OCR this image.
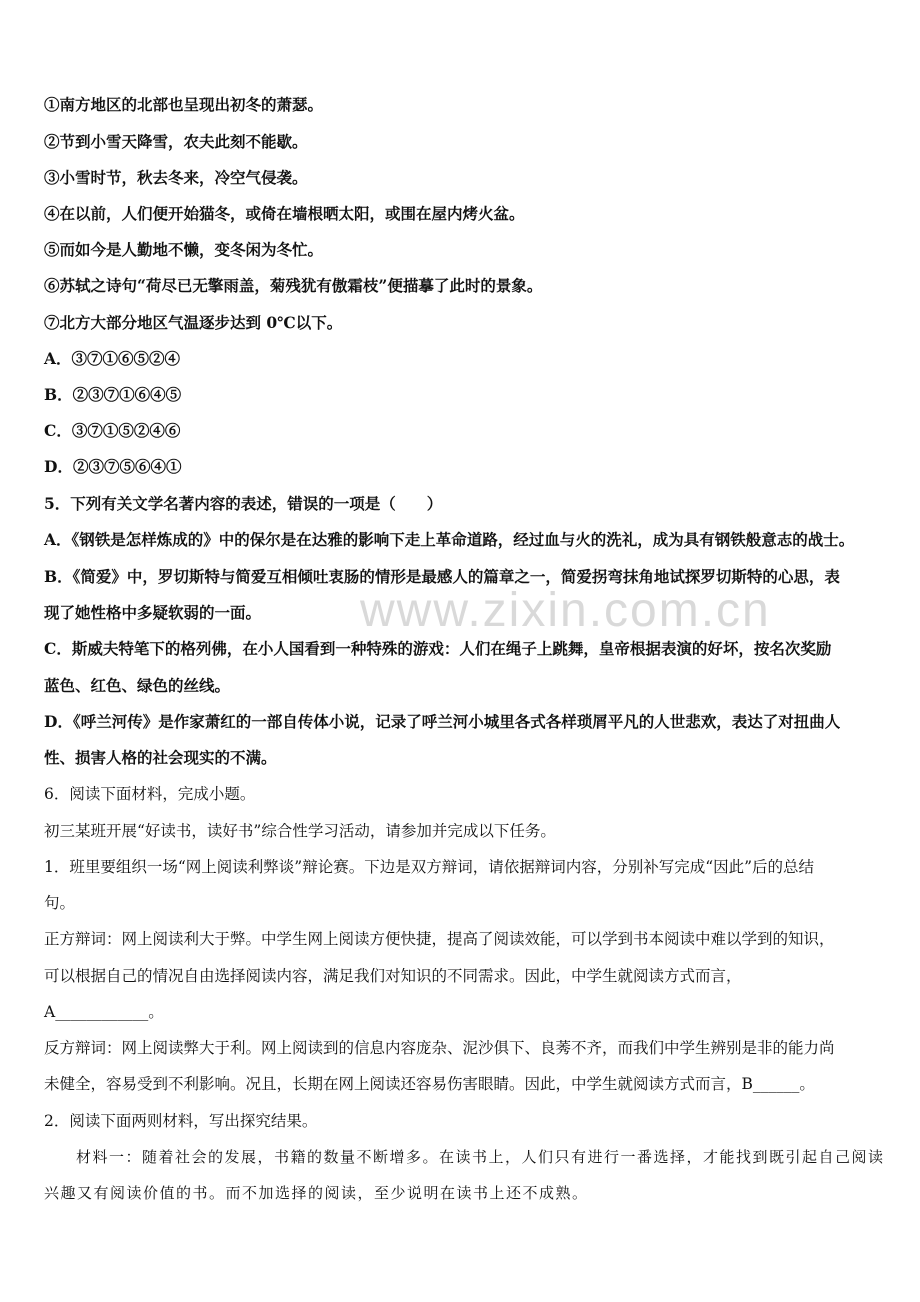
www.zixin.com.cn
①南方地区的北部也呈现出初冬的萧瑟。
②节到小雪天降雪，农夫此刻不能歇。
③小雪时节，秋去冬来，冷空气侵袭。
④在以前，人们便开始猫冬，或倚在墙根晒太阳，或围在屋内烤火盆。
⑤而如今是人勤地不懒，变冬闲为冬忙。
⑥苏轼之诗句“荷尽已无擎雨盖，菊残犹有傲霜枝”便描摹了此时的景象。
⑦北方大部分地区气温逐步达到 0℃以下。
A．③⑦①⑥⑤②④
B．②③⑦①⑥④⑤
C．③⑦①⑤②④⑥
D．②③⑦⑤⑥④①
5．下列有关文学名著内容的表述，错误的一项是（　　）
A．《钢铁是怎样炼成的》中的保尔是在达雅的影响下走上革命道路，经过血与火的洗礼，成为具有钢铁般意志的战士。
B．《简爱》中，罗切斯特与简爱互相倾吐衷肠的情形是最感人的篇章之一，简爱拐弯抹角地试探罗切斯特的心思，表
现了她性格中多疑软弱的一面。
C．斯威夫特笔下的格列佛，在小人国看到一种特殊的游戏：人们在绳子上跳舞，皇帝根据表演的好坏，按名次奖励
蓝色、红色、绿色的丝线。
D．《呼兰河传》是作家萧红的一部自传体小说，记录了呼兰河小城里各式各样琐屑平凡的人世悲欢，表达了对扭曲人
性、损害人格的社会现实的不满。
6．阅读下面材料，完成小题。
初三某班开展“好读书，读好书”综合性学习活动，请参加并完成以下任务。
1．班里要组织一场“网上阅读利弊谈”辩论赛。下边是双方辩词，请依据辩词内容，分别补写完成“因此”后的总结
句。
正方辩词：网上阅读利大于弊。中学生网上阅读方便快捷，提高了阅读效能，可以学到书本阅读中难以学到的知识，
可以根据自己的情况自由选择阅读内容，满足我们对知识的不同需求。因此，中学生就阅读方式而言，
A____________。
反方辩词：网上阅读弊大于利。网上阅读到的信息内容庞杂、泥沙俱下、良莠不齐，而我们中学生辨别是非的能力尚
未健全，容易受到不利影响。况且，长期在网上阅读还容易伤害眼睛。因此，中学生就阅读方式而言，B______。
2．阅读下面两则材料，写出探究结果。
材料一：随着社会的发展，书籍的数量不断增多。在读书上，人们只有进行一番选择，才能找到既引起自己阅读
兴趣又有阅读价值的书。而不加选择的阅读，至少说明在读书上还不成熟。
